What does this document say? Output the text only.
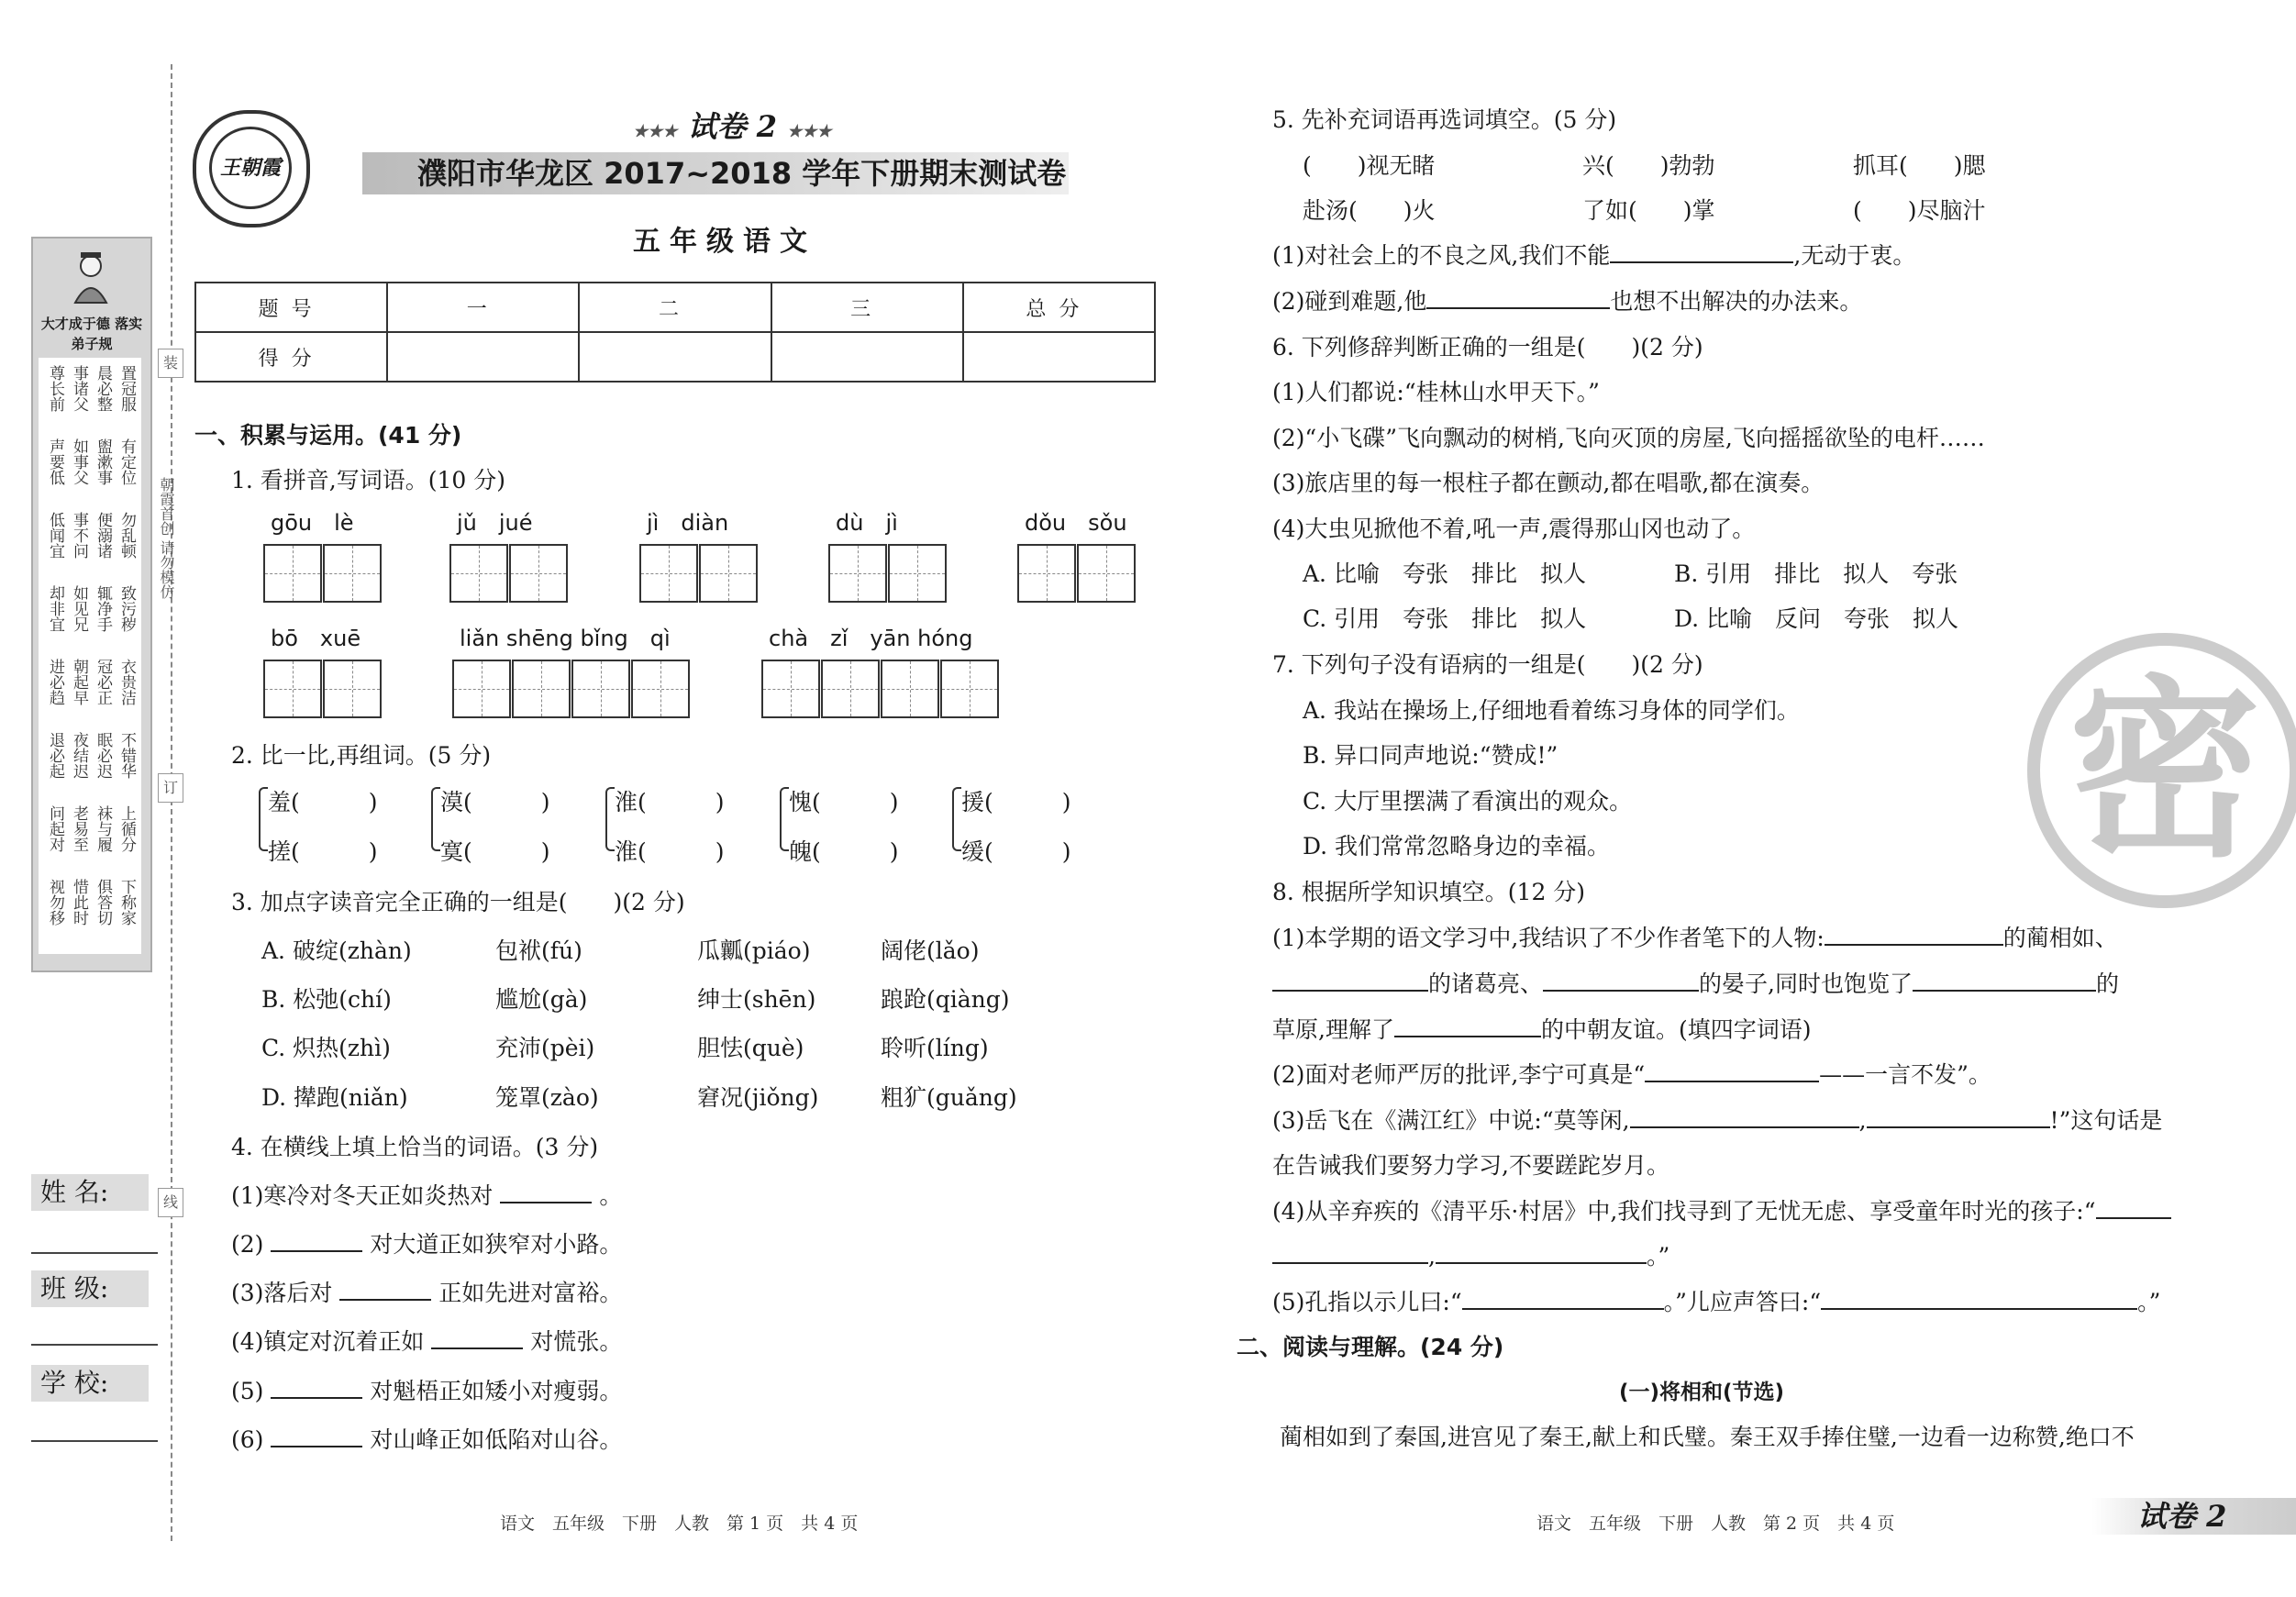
装
订
线
朝霞首创 请勿模仿
大才成于德 落实弟子规
置冠服
晨必整
事诸父
尊长前
有定位
盥漱事
如事父
声要低
勿乱顿
便溺诸
事不问
低闻宜
致污秽
辄净手
如见兄
却非宜
衣贵洁
冠必正
朝起早
进必趋
不错华
眠必迟
夜结迟
退必起
上循分
袜与履
老易至
问起对
下称家
俱答切
惜此时
视勿移
姓 名:
班 级:
学 校:
王朝霞
★★★ 试卷 2 ★★★
濮阳市华龙区 2017~2018 学年下册期末测试卷
五年级语文
题号	一	二	三	总分
得分				
一、积累与运用。(41 分)
1. 看拼音,写词语。(10 分)
gōu　lè	jǔ　jué	jì　diàn	dù　jì	dǒu　sǒu
bō　xuē	liǎn shēng bǐng　qì	chà　zǐ　yān hóng
2. 比一比,再组词。(5 分)
羞(　　　)
搓(　　　)
漠(　　　)
寞(　　　)
淮(　　　)
淮(　　　)
愧(　　　)
魄(　　　)
援(　　　)
缓(　　　)
3. 加点字读音完全正确的一组是(　　)(2 分)
A. 破绽(zhàn)	包袱(fú)	瓜瓤(piáo)	阔佬(lǎo)
B. 松弛(chí)	尴尬(gà)	绅士(shēn)	踉跄(qiàng)
C. 炽热(zhì)	充沛(pèi)	胆怯(què)	聆听(líng)
D. 撵跑(niǎn)	笼罩(zào)	窘况(jiǒng)	粗犷(guǎng)
4. 在横线上填上恰当的词语。(3 分)
(1)寒冷对冬天正如炎热对	。
(2)	对大道正如狭窄对小路。
(3)落后对	正如先进对富裕。
(4)镇定对沉着正如	对慌张。
(5)	对魁梧正如矮小对瘦弱。
(6)	对山峰正如低陷对山谷。
语文　五年级　下册　人教　第 1 页　共 4 页
5. 先补充词语再选词填空。(5 分)
(　　)视无睹	兴(　　)勃勃	抓耳(　　)腮
赴汤(　　)火	了如(　　)掌	(　　)尽脑汁
(1)对社会上的不良之风,我们不能	,无动于衷。
(2)碰到难题,他	也想不出解决的办法来。
6. 下列修辞判断正确的一组是(　　)(2 分)
(1)人们都说:“桂林山水甲天下。”
(2)“小飞碟”飞向飘动的树梢,飞向灭顶的房屋,飞向摇摇欲坠的电杆……
(3)旅店里的每一根柱子都在颤动,都在唱歌,都在演奏。
(4)大虫见掀他不着,吼一声,震得那山冈也动了。
A. 比喻　夸张　排比　拟人	B. 引用　排比　拟人　夸张
C. 引用　夸张　排比　拟人	D. 比喻　反问　夸张　拟人
7. 下列句子没有语病的一组是(　　)(2 分)
A. 我站在操场上,仔细地看着练习身体的同学们。
B. 异口同声地说:“赞成!”
C. 大厅里摆满了看演出的观众。
D. 我们常常忽略身边的幸福。
8. 根据所学知识填空。(12 分)
(1)本学期的语文学习中,我结识了不少作者笔下的人物:	的蔺相如、
的诸葛亮、	的晏子,同时也饱览了	的
草原,理解了	的中朝友谊。(填四字词语)
(2)面对老师严厉的批评,李宁可真是“	——一言不发”。
(3)岳飞在《满江红》中说:“莫等闲,	,	!”这句话是
在告诫我们要努力学习,不要蹉跎岁月。
(4)从辛弃疾的《清平乐·村居》中,我们找寻到了无忧无虑、享受童年时光的孩子:“
,	。”
(5)孔指以示儿曰:“	。”儿应声答曰:“	。”
二、阅读与理解。(24 分)
(一)将相和(节选)
蔺相如到了秦国,进宫见了秦王,献上和氏璧。秦王双手捧住璧,一边看一边称赞,绝口不
语文　五年级　下册　人教　第 2 页　共 4 页
密
试卷 2
